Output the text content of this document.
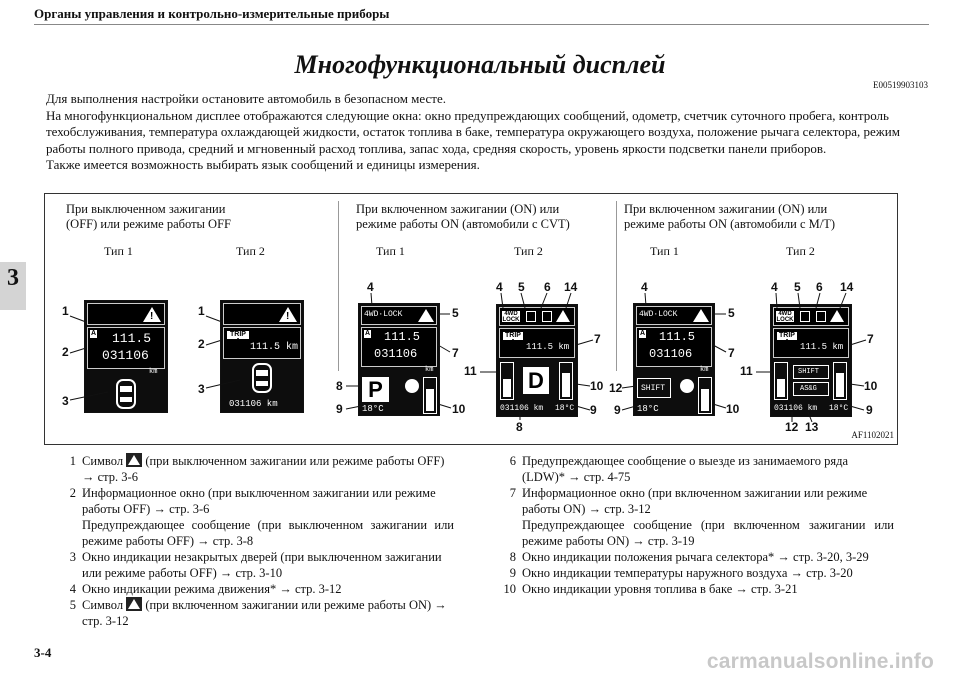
Органы управления и контрольно-измерительные приборы
3
Многофункциональный дисплей
E00519903103

Для выполнения настройки остановите автомобиль в безопасном месте.

На многофункциональном дисплее отображаются следующие окна: окно предупреждающих сообщений, одометр, счетчик суточного пробега, контроль техобслуживания, температура охлаждающей жидкости, остаток топлива в баке, температура окружающего воздуха, положение рычага селектора, режим работы полного привода, средний и мгновенный расход топлива, запас хода, средняя скорость, уровень яркости подсветки панели приборов.

Также имеется возможность выбирать язык сообщений и единицы измерения.

При выключенном зажигании
(OFF) или режиме работы OFF
При включенном зажигании (ON) или
режиме работы ON (автомобили с CVT)
При включенном зажигании (ON) или
режиме работы ON (автомобили с M/T)
Тип 1	Тип 2	Тип 1	Тип 2	Тип 1	Тип 2
!
A 111.5
031106
km
!
TRIP A
111.5 km
031106 km
4WD·LOCK
A 111.5
031106
km
P
18°C
4WD
LOCK
TRIP A	111.5 km
D
031106 km 18°C
4WD·LOCK
A 111.5
031106
km
SHIFT
18°C
4WD
LOCK
TRIP A	111.5 km
SHIFT
AS&G
031106 km 18°C
1
2
3
1
2
3
4
5
7
8
9	10
4 5 6 14
7
11
10
9
8
4
5
7
12
9	10
4 5 6 14
7
11
10
9
12 13
AF1102021
1 Символ  (при выключенном зажигании или режиме работы OFF) → стр. 3-6
2 Информационное окно (при выключенном зажигании или режиме работы OFF) → стр. 3-6
Предупреждающее сообщение (при выключенном зажигании или режиме работы OFF) → стр. 3-8
3 Окно индикации незакрытых дверей (при выключенном зажигании или режиме работы OFF) → стр. 3-10
4 Окно индикации режима движения* → стр. 3-12
5 Символ  (при включенном зажигании или режиме работы ON) → стр. 3-12
6 Предупреждающее сообщение о выезде из занимаемого ряда (LDW)* → стр. 4-75
7 Информационное окно (при включенном зажигании или режиме работы ON) → стр. 3-12
Предупреждающее сообщение (при включенном зажигании или режиме работы ON) → стр. 3-19
8 Окно индикации положения рычага селектора* → стр. 3-20, 3-29
9 Окно индикации температуры наружного воздуха → стр. 3-20
10 Окно индикации уровня топлива в баке → стр. 3-21
3-4	carmanualsonline.info
